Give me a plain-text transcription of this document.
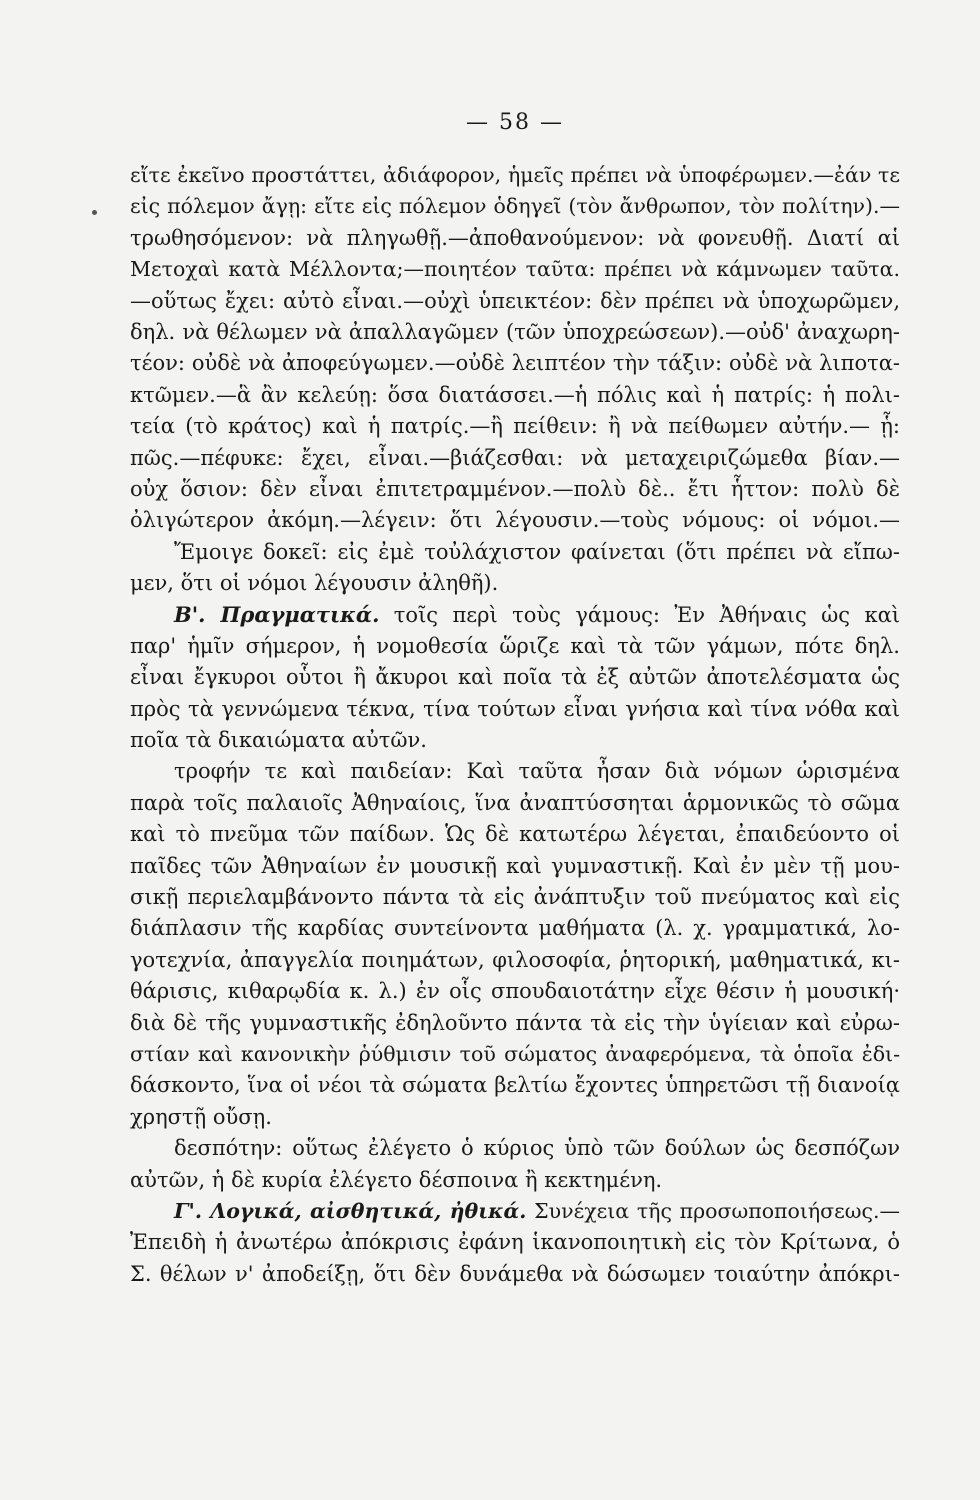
— 58 —
εἴτε ἐκεῖνο προστάττει, ἀδιάφορον, ἡμεῖς πρέπει νὰ ὑποφέρωμεν.—ἐάν τε
εἰς πόλεμον ἄγῃ: εἴτε εἰς πόλεμον ὁδηγεῖ (τὸν ἄνθρωπον, τὸν πολίτην).—
τρωθησόμενον: νὰ πληγωθῇ.—ἀποθανούμενον: νὰ φονευθῇ. Διατί αἱ
Μετοχαὶ κατὰ Μέλλοντα;—ποιητέον ταῦτα: πρέπει νὰ κάμνωμεν ταῦτα.
—οὕτως ἔχει: αὐτὸ εἶναι.—οὐχὶ ὑπεικτέον: δὲν πρέπει νὰ ὑποχωρῶμεν,
δηλ. νὰ θέλωμεν νὰ ἀπαλλαγῶμεν (τῶν ὑποχρεώσεων).—οὐδ' ἀναχωρη-
τέον: οὐδὲ νὰ ἀποφεύγωμεν.—οὐδὲ λειπτέον τὴν τάξιν: οὐδὲ νὰ λιποτα-
κτῶμεν.—ἃ ἂν κελεύῃ: ὅσα διατάσσει.—ἡ πόλις καὶ ἡ πατρίς: ἡ πολι-
τεία (τὸ κράτος) καὶ ἡ πατρίς.—ἢ πείθειν: ἢ νὰ πείθωμεν αὐτήν.— ᾗ:
πῶς.—πέφυκε: ἔχει, εἶναι.—βιάζεσθαι: νὰ μεταχειριζώμεθα βίαν.—
οὐχ ὅσιον: δὲν εἶναι ἐπιτετραμμένον.—πολὺ δὲ.. ἔτι ἧττον: πολὺ δὲ
ὀλιγώτερον ἀκόμη.—λέγειν: ὅτι λέγουσιν.—τοὺς νόμους: οἱ νόμοι.—
Ἔμοιγε δοκεῖ: εἰς ἐμὲ τοὐλάχιστον φαίνεται (ὅτι πρέπει νὰ εἴπω-
μεν, ὅτι οἱ νόμοι λέγουσιν ἀληθῆ).
Β'. Πραγματικά. τοῖς περὶ τοὺς γάμους: Ἐν Ἀθήναις ὡς καὶ
παρ' ἡμῖν σήμερον, ἡ νομοθεσία ὥριζε καὶ τὰ τῶν γάμων, πότε δηλ.
εἶναι ἔγκυροι οὗτοι ἢ ἄκυροι καὶ ποῖα τὰ ἐξ αὐτῶν ἀποτελέσματα ὡς
πρὸς τὰ γεννώμενα τέκνα, τίνα τούτων εἶναι γνήσια καὶ τίνα νόθα καὶ
ποῖα τὰ δικαιώματα αὐτῶν.
τροφήν τε καὶ παιδείαν: Καὶ ταῦτα ἦσαν διὰ νόμων ὡρισμένα
παρὰ τοῖς παλαιοῖς Ἀθηναίοις, ἵνα ἀναπτύσσηται ἁρμονικῶς τὸ σῶμα
καὶ τὸ πνεῦμα τῶν παίδων. Ὡς δὲ κατωτέρω λέγεται, ἐπαιδεύοντο οἱ
παῖδες τῶν Ἀθηναίων ἐν μουσικῇ καὶ γυμναστικῇ. Καὶ ἐν μὲν τῇ μου-
σικῇ περιελαμβάνοντο πάντα τὰ εἰς ἀνάπτυξιν τοῦ πνεύματος καὶ εἰς
διάπλασιν τῆς καρδίας συντείνοντα μαθήματα (λ. χ. γραμματικά, λο-
γοτεχνία, ἀπαγγελία ποιημάτων, φιλοσοφία, ῥητορική, μαθηματικά, κι-
θάρισις, κιθαρῳδία κ. λ.) ἐν οἷς σπουδαιοτάτην εἶχε θέσιν ἡ μουσική·
διὰ δὲ τῆς γυμναστικῆς ἐδηλοῦντο πάντα τὰ εἰς τὴν ὑγίειαν καὶ εὐρω-
στίαν καὶ κανονικὴν ῥύθμισιν τοῦ σώματος ἀναφερόμενα, τὰ ὁποῖα ἐδι-
δάσκοντο, ἵνα οἱ νέοι τὰ σώματα βελτίω ἔχοντες ὑπηρετῶσι τῇ διανοίᾳ
χρηστῇ οὔσῃ.
δεσπότην: οὕτως ἐλέγετο ὁ κύριος ὑπὸ τῶν δούλων ὡς δεσπόζων
αὐτῶν, ἡ δὲ κυρία ἐλέγετο δέσποινα ἢ κεκτημένη.
Γ'. Λογικά, αἰσθητικά, ἠθικά. Συνέχεια τῆς προσωποποιήσεως.—
Ἐπειδὴ ἡ ἀνωτέρω ἀπόκρισις ἐφάνη ἱκανοποιητικὴ εἰς τὸν Κρίτωνα, ὁ
Σ. θέλων ν' ἀποδείξῃ, ὅτι δὲν δυνάμεθα νὰ δώσωμεν τοιαύτην ἀπόκρι-
